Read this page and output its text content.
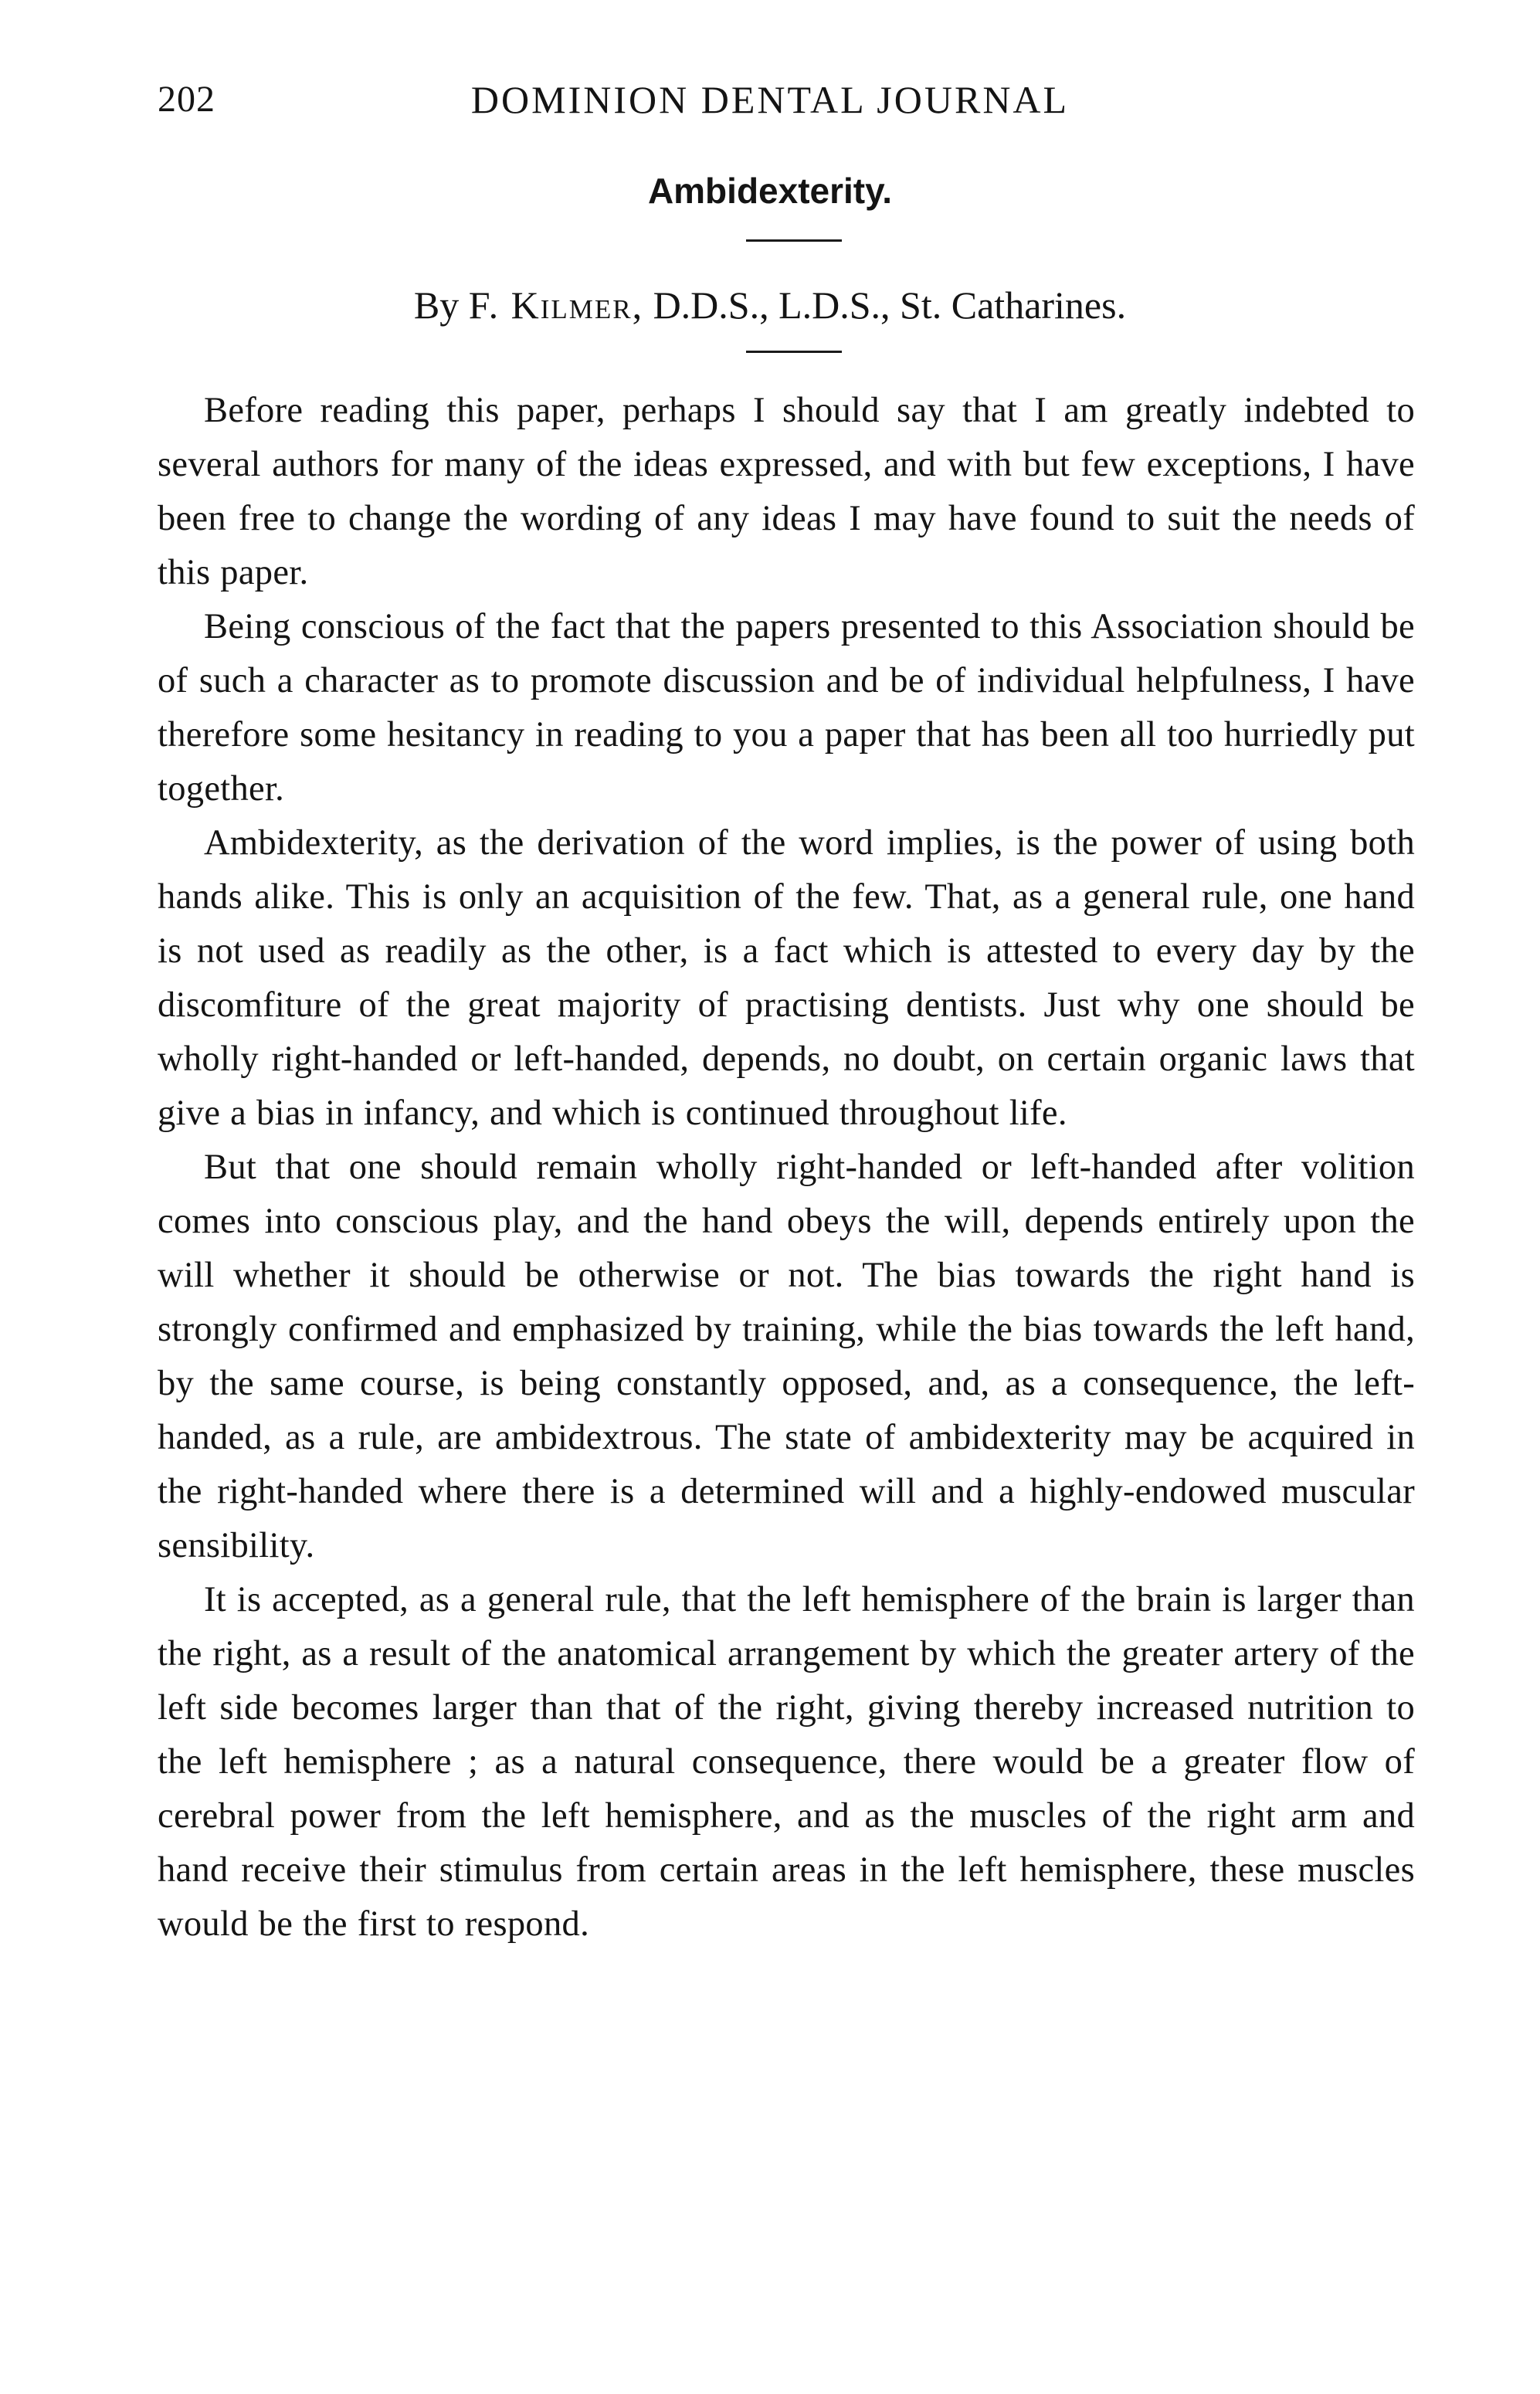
202	DOMINION DENTAL JOURNAL
Ambidexterity.
By F. Kilmer, D.D.S., L.D.S., St. Catharines.

Before reading this paper, perhaps I should say that I am greatly indebted to several authors for many of the ideas expressed, and with but few exceptions, I have been free to change the wording of any ideas I may have found to suit the needs of this paper.

Being conscious of the fact that the papers presented to this Association should be of such a character as to promote discussion and be of individual helpfulness, I have therefore some hesitancy in reading to you a paper that has been all too hurriedly put together.

Ambidexterity, as the derivation of the word implies, is the power of using both hands alike. This is only an acquisition of the few. That, as a general rule, one hand is not used as readily as the other, is a fact which is attested to every day by the discomfiture of the great majority of practising dentists. Just why one should be wholly right-handed or left-handed, depends, no doubt, on certain organic laws that give a bias in infancy, and which is continued throughout life.

But that one should remain wholly right-handed or left-handed after volition comes into conscious play, and the hand obeys the will, depends entirely upon the will whether it should be otherwise or not. The bias towards the right hand is strongly confirmed and emphasized by training, while the bias towards the left hand, by the same course, is being constantly opposed, and, as a consequence, the left-handed, as a rule, are ambidextrous. The state of ambidexterity may be acquired in the right-handed where there is a determined will and a highly-endowed muscular sensibility.

It is accepted, as a general rule, that the left hemisphere of the brain is larger than the right, as a result of the anatomical arrangement by which the greater artery of the left side becomes larger than that of the right, giving thereby increased nutrition to the left hemisphere ; as a natural consequence, there would be a greater flow of cerebral power from the left hemisphere, and as the muscles of the right arm and hand receive their stimulus from certain areas in the left hemisphere, these muscles would be the first to respond.
